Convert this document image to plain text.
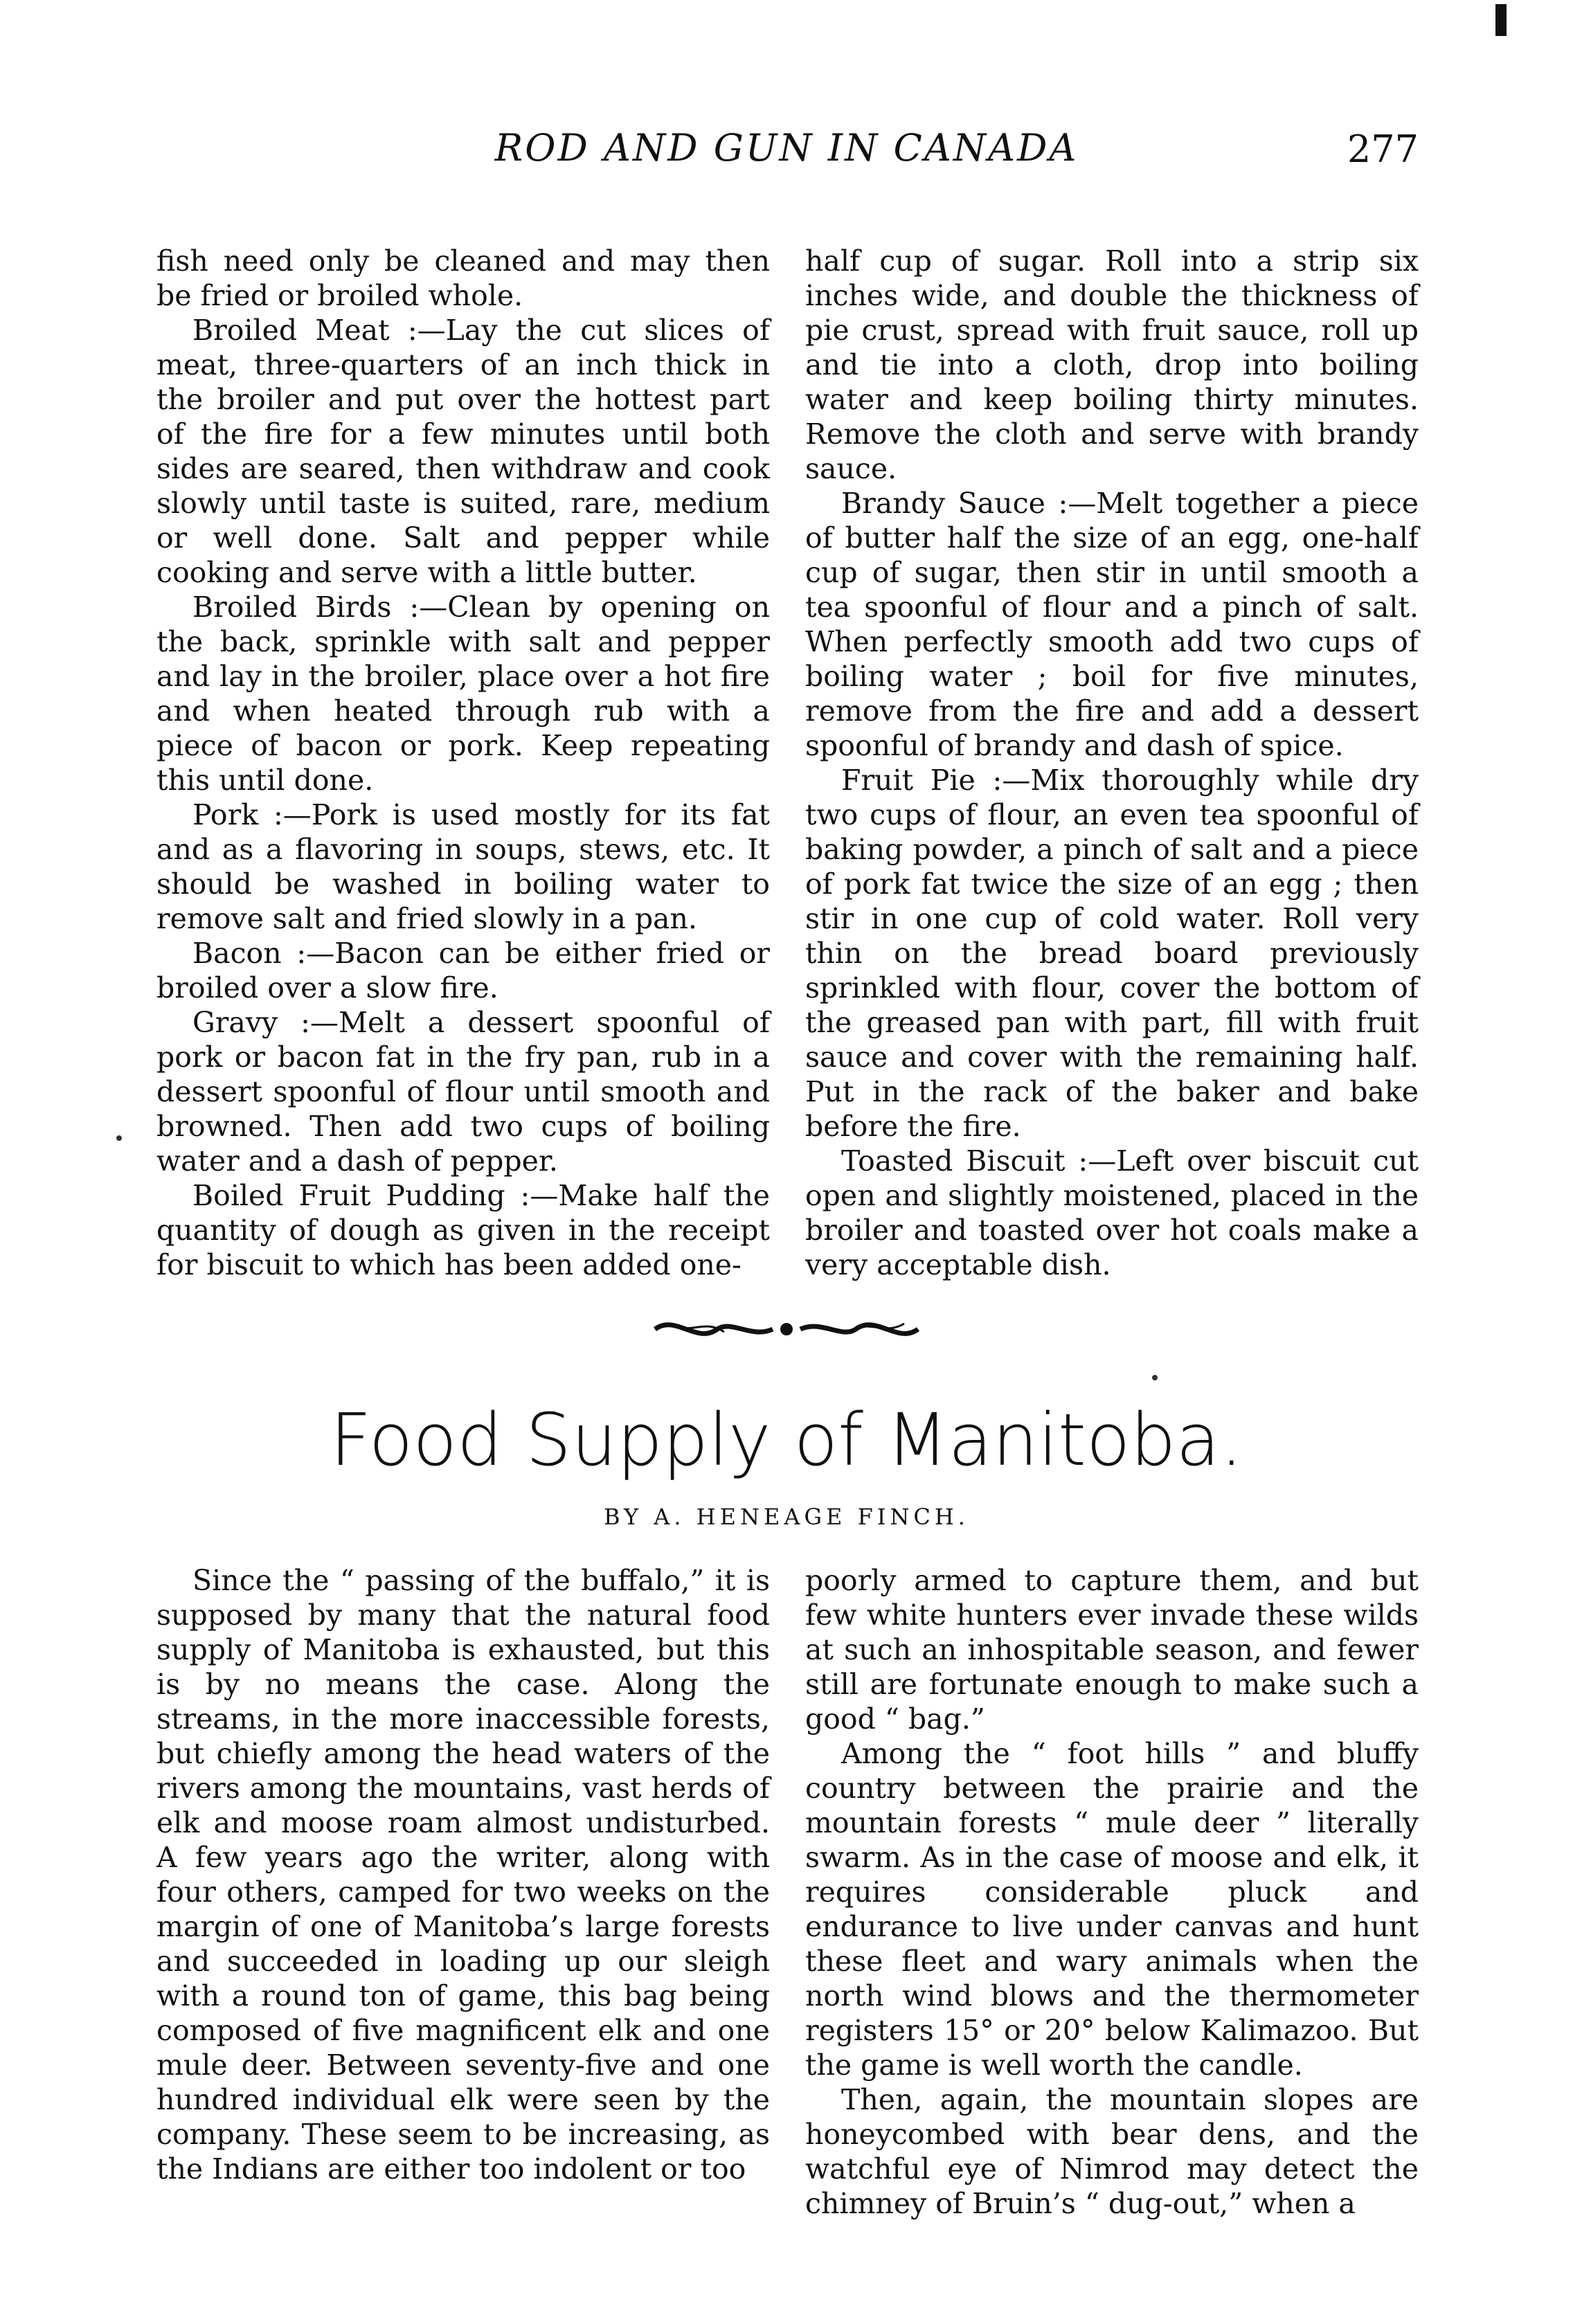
ROD AND GUN IN CANADA	277

fish need only be cleaned and may then be fried or broiled whole.

Broiled Meat :—Lay the cut slices of meat, three-quarters of an inch thick in the broiler and put over the hottest part of the fire for a few minutes until both sides are seared, then withdraw and cook slowly until taste is suited, rare, medium or well done. Salt and pepper while cooking and serve with a little butter.

Broiled Birds :—Clean by opening on the back, sprinkle with salt and pepper and lay in the broiler, place over a hot fire and when heated through rub with a piece of bacon or pork. Keep repeating this until done.

Pork :—Pork is used mostly for its fat and as a flavoring in soups, stews, etc. It should be washed in boiling water to remove salt and fried slowly in a pan.

Bacon :—Bacon can be either fried or broiled over a slow fire.

Gravy :—Melt a dessert spoonful of pork or bacon fat in the fry pan, rub in a dessert spoonful of flour until smooth and browned. Then add two cups of boiling water and a dash of pepper.

Boiled Fruit Pudding :—Make half the quantity of dough as given in the receipt for biscuit to which has been added one-

half cup of sugar. Roll into a strip six inches wide, and double the thickness of pie crust, spread with fruit sauce, roll up and tie into a cloth, drop into boiling water and keep boiling thirty minutes. Remove the cloth and serve with brandy sauce.

Brandy Sauce :—Melt together a piece of butter half the size of an egg, one-half cup of sugar, then stir in until smooth a tea spoonful of flour and a pinch of salt. When perfectly smooth add two cups of boiling water ; boil for five minutes, remove from the fire and add a dessert spoonful of brandy and dash of spice.

Fruit Pie :—Mix thoroughly while dry two cups of flour, an even tea spoonful of baking powder, a pinch of salt and a piece of pork fat twice the size of an egg ; then stir in one cup of cold water. Roll very thin on the bread board previously sprinkled with flour, cover the bottom of the greased pan with part, fill with fruit sauce and cover with the remaining half. Put in the rack of the baker and bake before the fire.

Toasted Biscuit :—Left over biscuit cut open and slightly moistened, placed in the broiler and toasted over hot coals make a very acceptable dish.

Food Supply of Manitoba.
BY A. HENEAGE FINCH.

Since the “ passing of the buffalo,” it is supposed by many that the natural food supply of Manitoba is exhausted, but this is by no means the case. Along the streams, in the more inaccessible forests, but chiefly among the head waters of the rivers among the mountains, vast herds of elk and moose roam almost undisturbed. A few years ago the writer, along with four others, camped for two weeks on the margin of one of Manitoba’s large forests and succeeded in loading up our sleigh with a round ton of game, this bag being composed of five magnificent elk and one mule deer. Between seventy-five and one hundred individual elk were seen by the company. These seem to be increasing, as the Indians are either too indolent or too

poorly armed to capture them, and but few white hunters ever invade these wilds at such an inhospitable season, and fewer still are fortunate enough to make such a good “ bag.”

Among the “ foot hills ” and bluffy country between the prairie and the mountain forests “ mule deer ” literally swarm. As in the case of moose and elk, it requires considerable pluck and endurance to live under canvas and hunt these fleet and wary animals when the north wind blows and the thermometer registers 15° or 20° below Kalimazoo. But the game is well worth the candle.

Then, again, the mountain slopes are honeycombed with bear dens, and the watchful eye of Nimrod may detect the chimney of Bruin’s “ dug-out,” when a
